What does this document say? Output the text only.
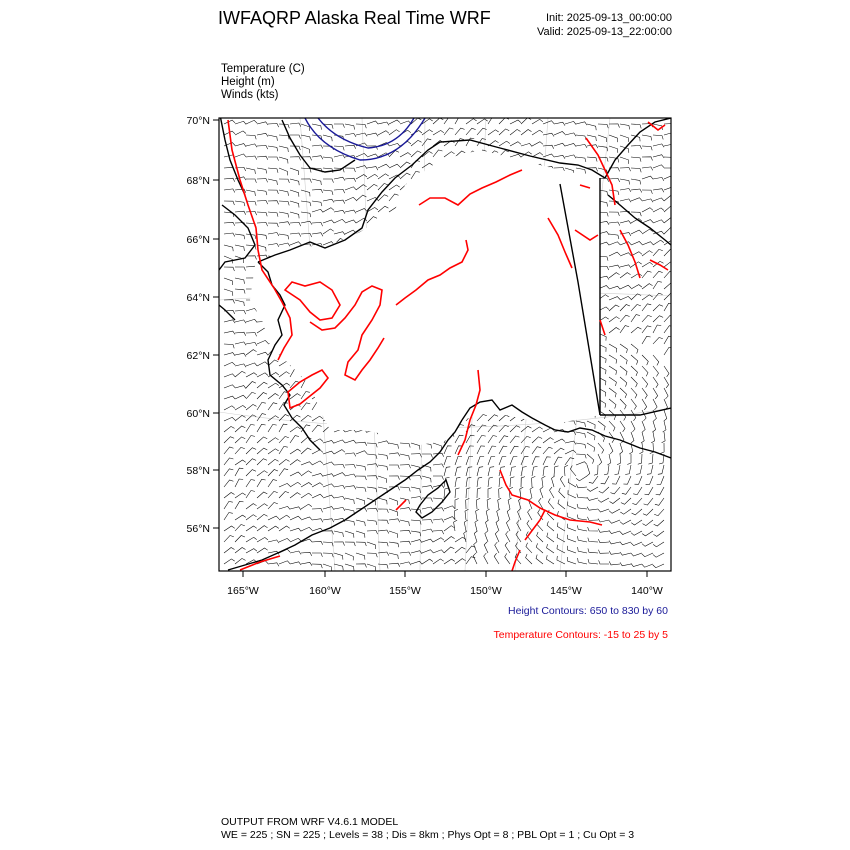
IWFAQRP Alaska Real Time WRF	Init: 2025-09-13_00:00:00
Valid: 2025-09-13_22:00:00
Temperature (C)
Height (m)
Winds (kts)
70°N
68°N
66°N
64°N
62°N
60°N
58°N
56°N
165°W	160°W	155°W	150°W	145°W	140°W
Height Contours: 650 to 830 by 60
Temperature Contours: -15 to 25 by 5
OUTPUT FROM WRF V4.6.1 MODEL
WE = 225 ; SN = 225 ; Levels = 38 ; Dis = 8km ; Phys Opt = 8 ; PBL Opt = 1 ; Cu Opt = 3
